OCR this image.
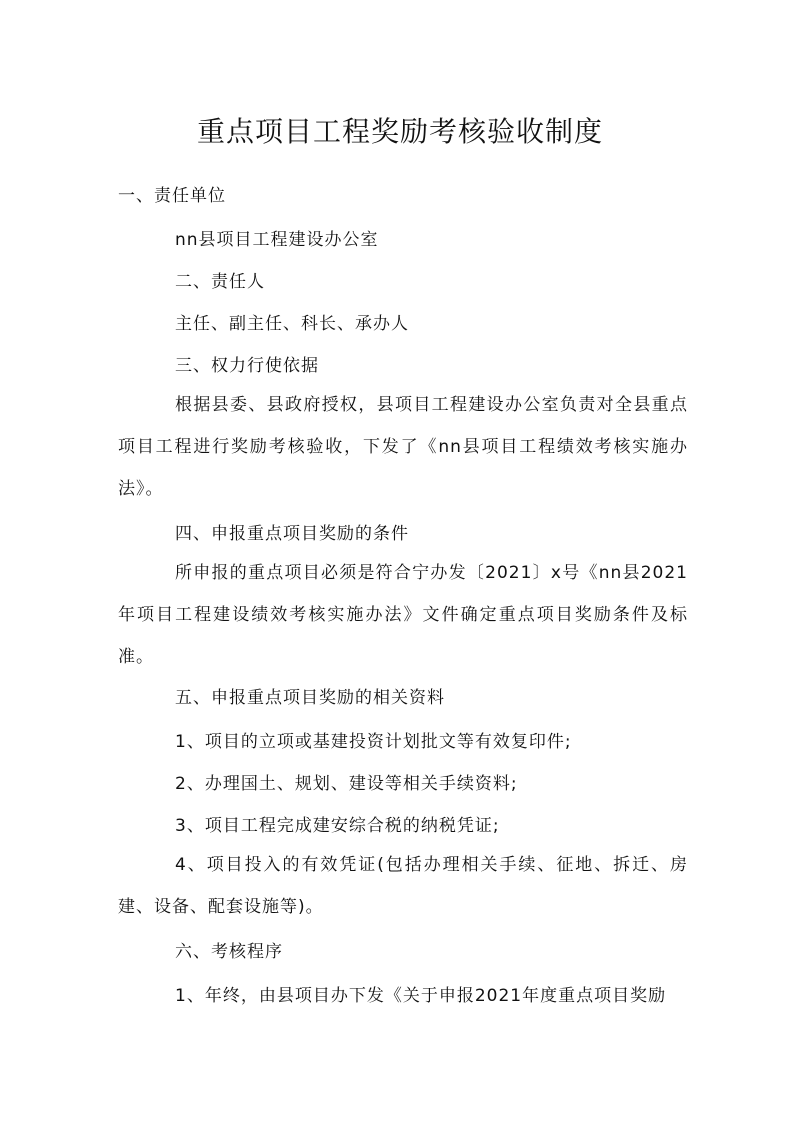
重点项目工程奖励考核验收制度
一、责任单位
nn县项目工程建设办公室
二、责任人
主任、副主任、科长、承办人
三、权力行使依据
根据县委、县政府授权，县项目工程建设办公室负责对全县重点项目工程进行奖励考核验收，下发了《nn县项目工程绩效考核实施办法》。
四、申报重点项目奖励的条件
所申报的重点项目必须是符合宁办发〔2021〕x号《nn县2021年项目工程建设绩效考核实施办法》文件确定重点项目奖励条件及标准。
五、申报重点项目奖励的相关资料
1、项目的立项或基建投资计划批文等有效复印件;
2、办理国土、规划、建设等相关手续资料;
3、项目工程完成建安综合税的纳税凭证;
4、项目投入的有效凭证(包括办理相关手续、征地、拆迁、房建、设备、配套设施等)。
六、考核程序
1、年终，由县项目办下发《关于申报2021年度重点项目奖励
